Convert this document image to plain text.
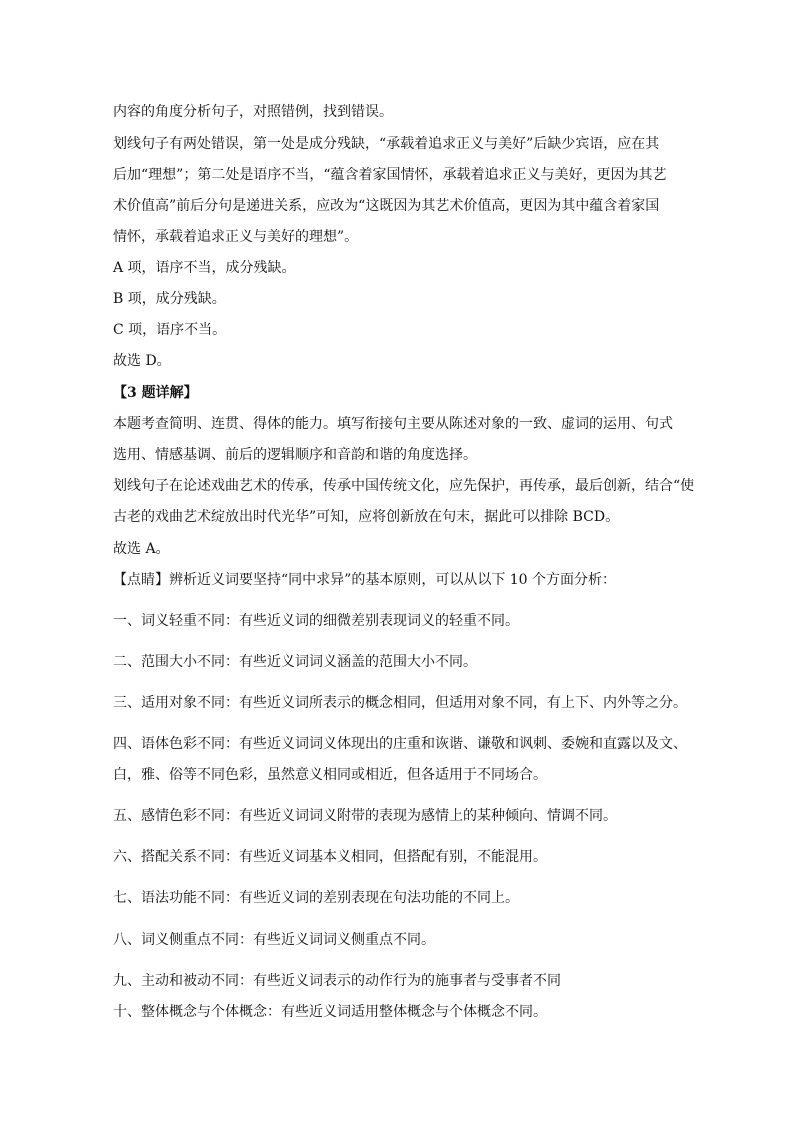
内容的角度分析句子，对照错例，找到错误。
划线句子有两处错误，第一处是成分残缺，“承载着追求正义与美好”后缺少宾语，应在其
后加“理想”；第二处是语序不当，“蕴含着家国情怀，承载着追求正义与美好，更因为其艺
术价值高”前后分句是递进关系，应改为“这既因为其艺术价值高，更因为其中蕴含着家国
情怀，承载着追求正义与美好的理想”。
A 项，语序不当，成分残缺。
B 项，成分残缺。
C 项，语序不当。
故选 D。
【3 题详解】
本题考查简明、连贯、得体的能力。填写衔接句主要从陈述对象的一致、虚词的运用、句式
选用、情感基调、前后的逻辑顺序和音韵和谐的角度选择。
划线句子在论述戏曲艺术的传承，传承中国传统文化，应先保护，再传承，最后创新，结合“使
古老的戏曲艺术绽放出时代光华”可知，应将创新放在句末，据此可以排除 BCD。
故选 A。
【点睛】辨析近义词要坚持“同中求异”的基本原则，可以从以下 10 个方面分析：
一、词义轻重不同：有些近义词的细微差别表现词义的轻重不同。
二、范围大小不同：有些近义词词义涵盖的范围大小不同。
三、适用对象不同：有些近义词所表示的概念相同，但适用对象不同，有上下、内外等之分。
四、语体色彩不同：有些近义词词义体现出的庄重和诙谐、谦敬和讽刺、委婉和直露以及文、
白，雅、俗等不同色彩，虽然意义相同或相近，但各适用于不同场合。
五、感情色彩不同：有些近义词词义附带的表现为感情上的某种倾向、情调不同。
六、搭配关系不同：有些近义词基本义相同，但搭配有别，不能混用。
七、语法功能不同：有些近义词的差别表现在句法功能的不同上。
八、词义侧重点不同：有些近义词词义侧重点不同。
九、主动和被动不同：有些近义词表示的动作行为的施事者与受事者不同
十、整体概念与个体概念：有些近义词适用整体概念与个体概念不同。
